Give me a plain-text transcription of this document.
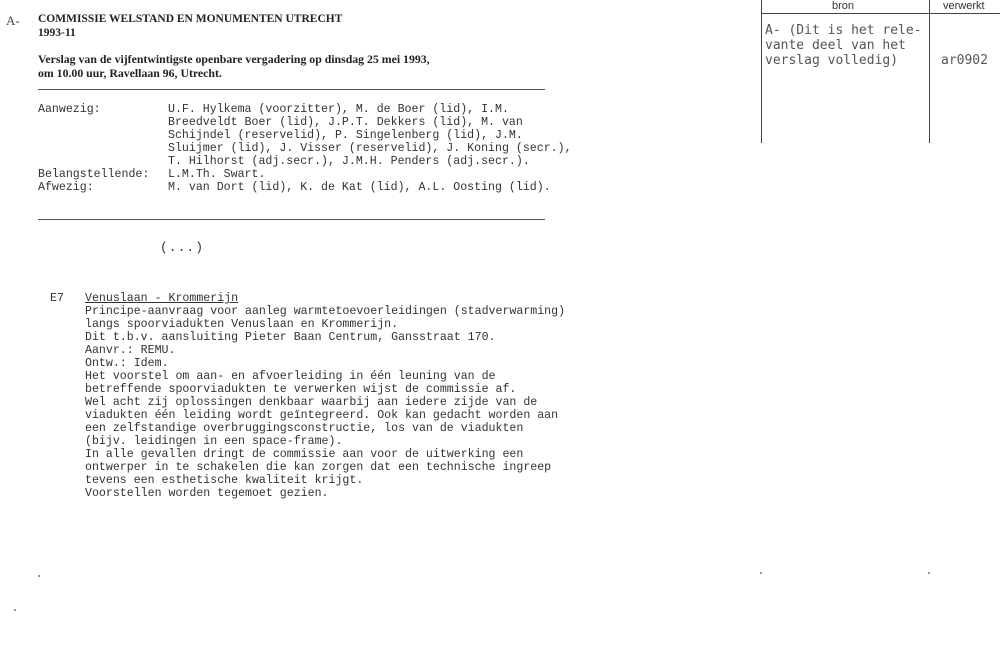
A- COMMISSIE WELSTAND EN MONUMENTEN UTRECHT
1993-11
Verslag van de vijfentwintigste openbare vergadering op dinsdag 25 mei 1993,
om 10.00 uur, Ravellaan 96, Utrecht.
Aanwezig:	U.F. Hylkema (voorzitter), M. de Boer (lid), I.M.
Breedveldt Boer (lid), J.P.T. Dekkers (lid), M. van
Schijndel (reservelid), P. Singelenberg (lid), J.M.
Sluijmer (lid), J. Visser (reservelid), J. Koning (secr.),
T. Hilhorst (adj.secr.), J.M.H. Penders (adj.secr.).
Belangstellende: L.M.Th. Swart.
Afwezig:	M. van Dort (lid), K. de Kat (lid), A.L. Oosting (lid).
(...)
E7 Venuslaan - Krommerijn
Principe-aanvraag voor aanleg warmtetoevoerleidingen (stadverwarming)
langs spoorviadukten Venuslaan en Krommerijn.
Dit t.b.v. aansluiting Pieter Baan Centrum, Gansstraat 170.
Aanvr.: REMU.
Ontw.: Idem.
Het voorstel om aan- en afvoerleiding in één leuning van de
betreffende spoorviadukten te verwerken wijst de commissie af.
Wel acht zij oplossingen denkbaar waarbij aan iedere zijde van de
viadukten één leiding wordt geïntegreerd. Ook kan gedacht worden aan
een zelfstandige overbruggingsconstructie, los van de viadukten
(bijv. leidingen in een space-frame).
In alle gevallen dringt de commissie aan voor de uitwerking een
ontwerper in te schakelen die kan zorgen dat een technische ingreep
tevens een esthetische kwaliteit krijgt.
Voorstellen worden tegemoet gezien.
bron	verwerkt
A- (Dit is het rele-
vante deel van het
verslag volledig)	ar0902
